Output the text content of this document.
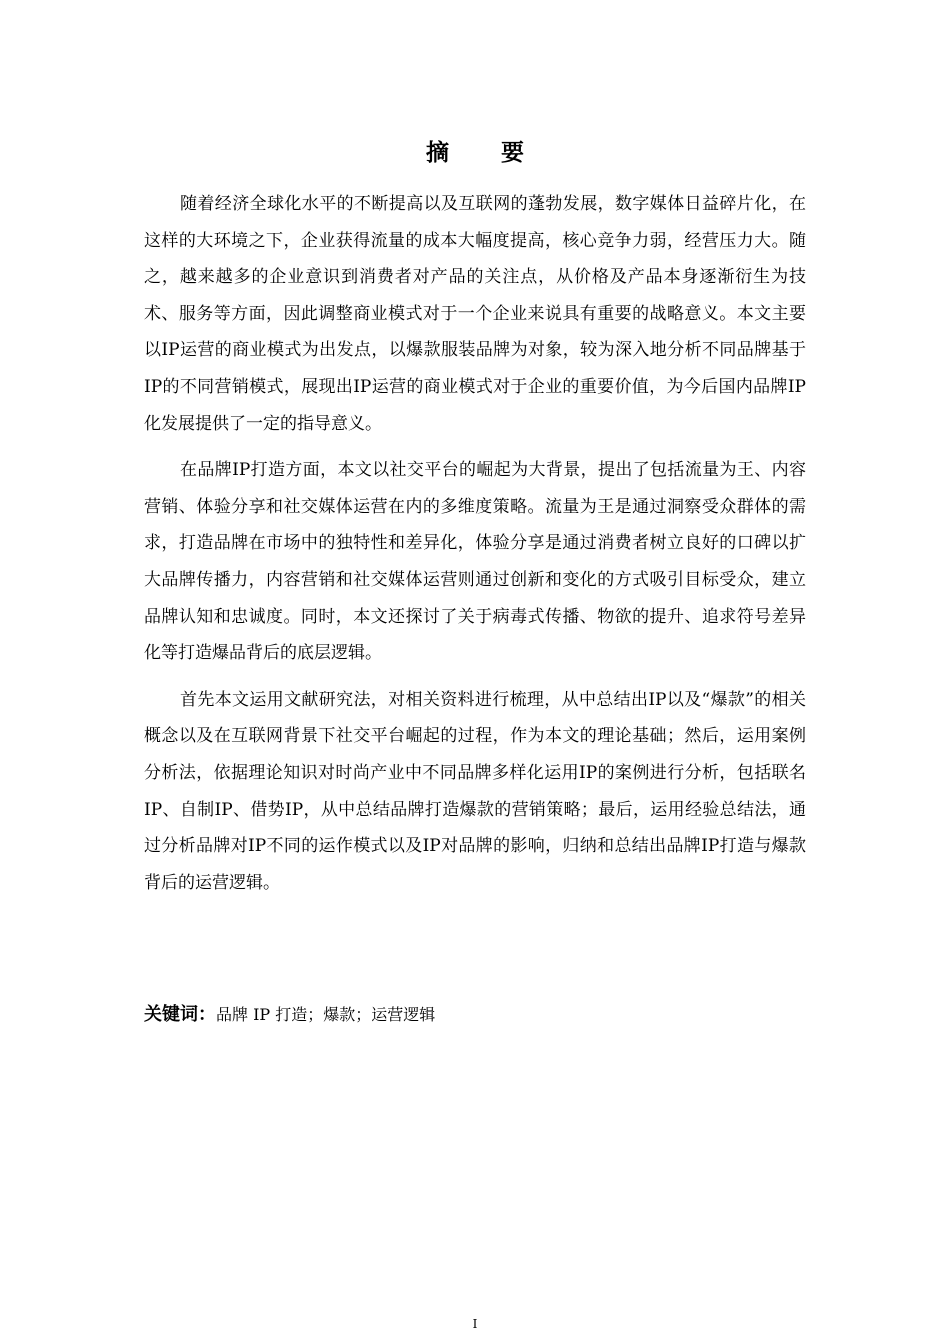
摘 要

随着经济全球化水平的不断提高以及互联网的蓬勃发展，数字媒体日益碎片化，在这样的大环境之下，企业获得流量的成本大幅度提高，核心竞争力弱，经营压力大。随之，越来越多的企业意识到消费者对产品的关注点，从价格及产品本身逐渐衍生为技术、服务等方面，因此调整商业模式对于一个企业来说具有重要的战略意义。本文主要以IP运营的商业模式为出发点，以爆款服装品牌为对象，较为深入地分析不同品牌基于IP的不同营销模式，展现出IP运营的商业模式对于企业的重要价值，为今后国内品牌IP化发展提供了一定的指导意义。

在品牌IP打造方面，本文以社交平台的崛起为大背景，提出了包括流量为王、内容营销、体验分享和社交媒体运营在内的多维度策略。流量为王是通过洞察受众群体的需求，打造品牌在市场中的独特性和差异化，体验分享是通过消费者树立良好的口碑以扩大品牌传播力，内容营销和社交媒体运营则通过创新和变化的方式吸引目标受众，建立品牌认知和忠诚度。同时，本文还探讨了关于病毒式传播、物欲的提升、追求符号差异化等打造爆品背后的底层逻辑。

首先本文运用文献研究法，对相关资料进行梳理，从中总结出IP以及“爆款”的相关概念以及在互联网背景下社交平台崛起的过程，作为本文的理论基础；然后，运用案例分析法，依据理论知识对时尚产业中不同品牌多样化运用IP的案例进行分析，包括联名IP、自制IP、借势IP，从中总结品牌打造爆款的营销策略；最后，运用经验总结法，通过分析品牌对IP不同的运作模式以及IP对品牌的影响，归纳和总结出品牌IP打造与爆款背后的运营逻辑。

关键词：品牌 IP 打造；爆款；运营逻辑
I
